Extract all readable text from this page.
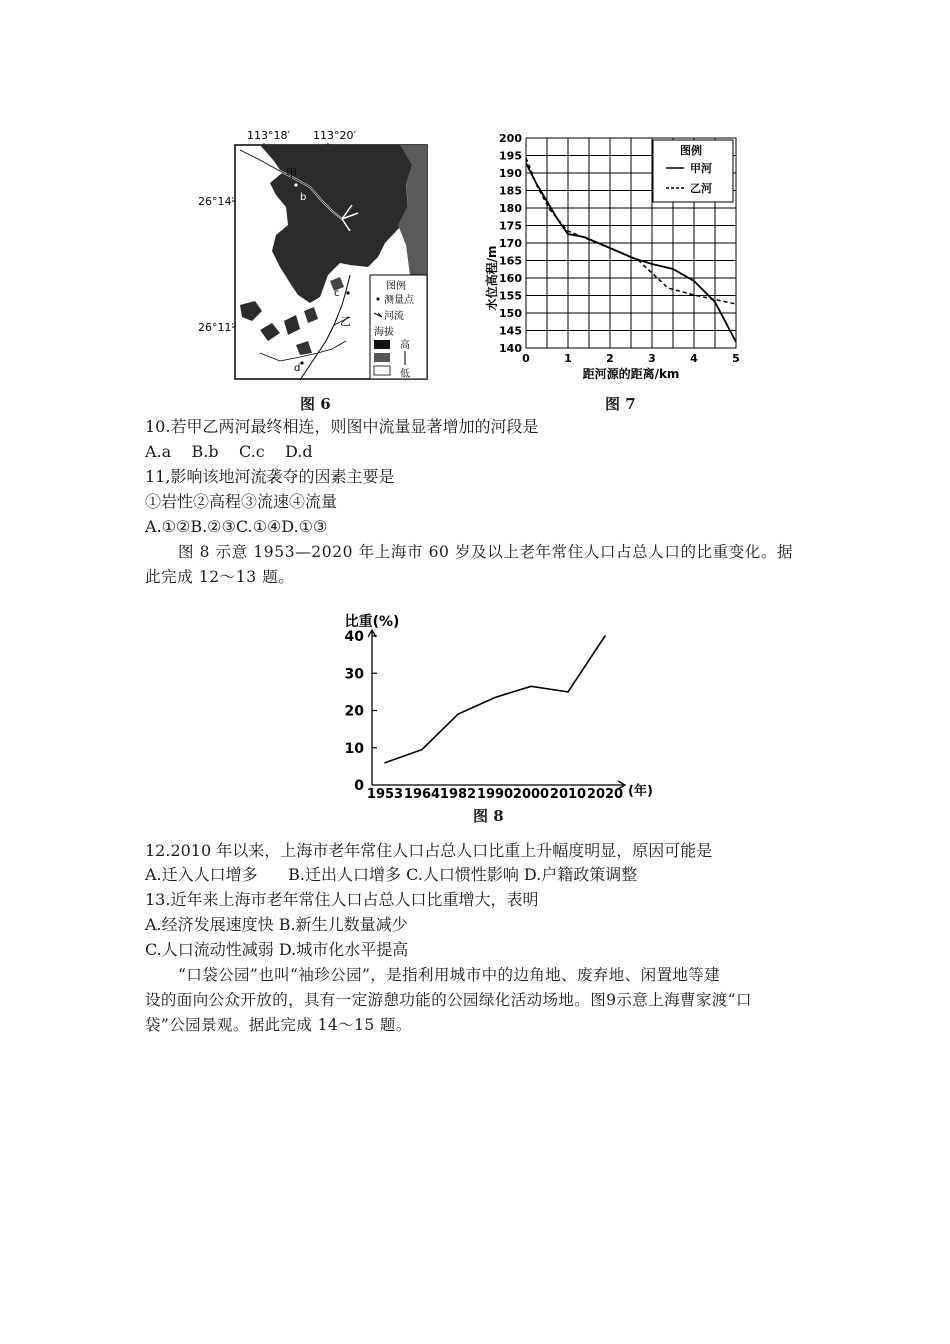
113°18′ 113°20′
26°14′
26°11′
甲
乙
a
b
c
d
图例
测量点
河流
海拔
高
低
图 6
水位高程/m
图例
甲河
乙河
200
195
190
185
180
175
170
165
160
155
150
145
140
0	1	2	3	4	5
距河源的距离/km
图 7
10.若甲乙两河最终相连，则图中流量显著增加的河段是
A.a    B.b    C.c    D.d
11,影响该地河流袭夺的因素主要是
①岩性②高程③流速④流量
A.①②B.②③C.①④D.①③
图 8 示意 1953—2020 年上海市 60 岁及以上老年常住人口占总人口的比重变化。据
此完成 12～13 题。
比重(%)
0
10
20
30
40
1953 1964 1982 1990 2000 2010 2020 (年)
图 8
12.2010 年以来，上海市老年常住人口占总人口比重上升幅度明显，原因可能是
A.迁入人口增多      B.迁出人口增多 C.人口惯性影响 D.户籍政策调整
13.近年来上海市老年常住人口占总人口比重增大，表明
A.经济发展速度快 B.新生儿数量减少
C.人口流动性减弱 D.城市化水平提高
“口袋公园”也叫“袖珍公园”，是指利用城市中的边角地、废弃地、闲置地等建
设的面向公众开放的，具有一定游憩功能的公园绿化活动场地。图9示意上海曹家渡“口
袋”公园景观。据此完成 14～15 题。
